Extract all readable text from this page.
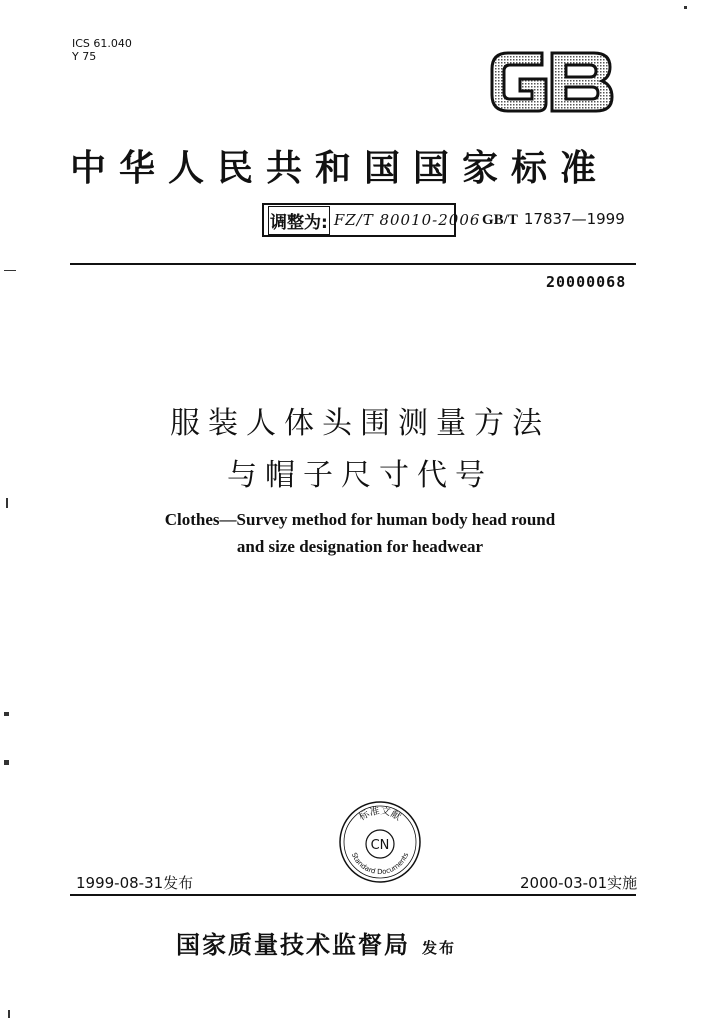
ICS 61.040
Y 75
中华人民共和国国家标准
调整为: FZ/T 80010-2006 GB/T 17837—1999
20000068
服装人体头围测量方法
与帽子尺寸代号
Clothes—Survey method for human body head round
and size designation for headwear
标准文献
CN
Standard Documents
1999-08-31发布	2000-03-01实施
国家质量技术监督局 发布
